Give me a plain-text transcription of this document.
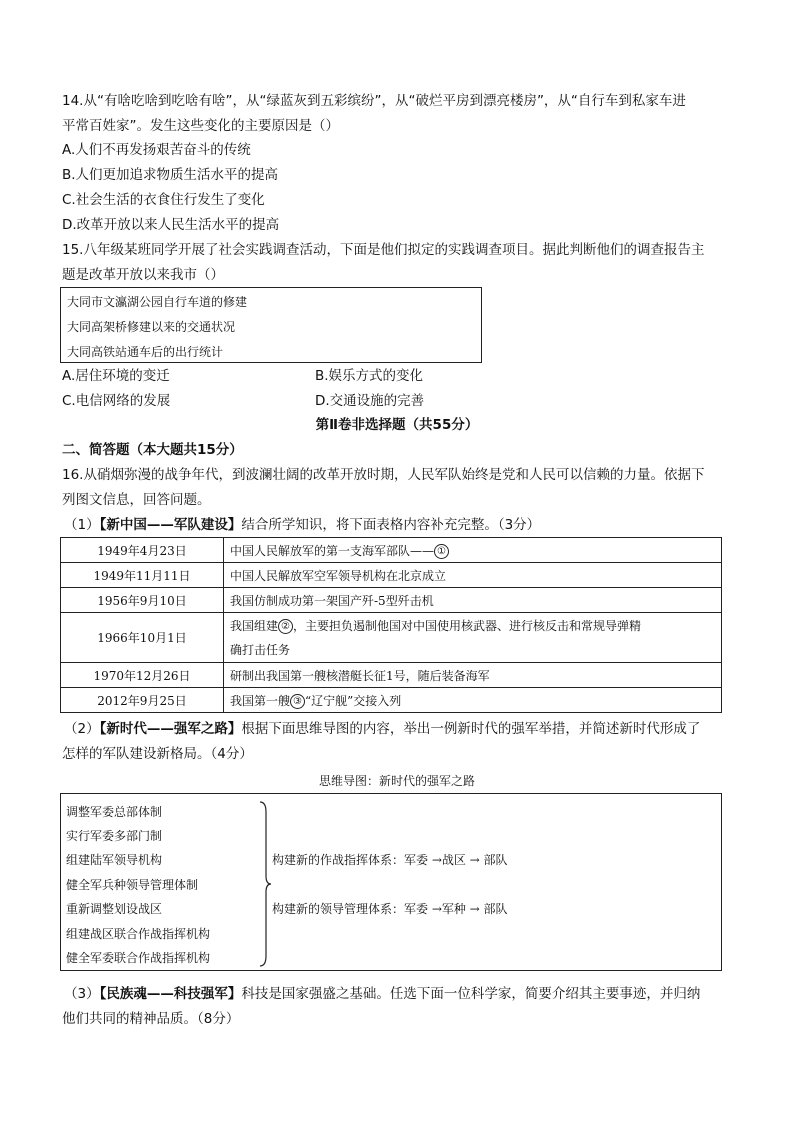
14.从“有啥吃啥到吃啥有啥”，从“绿蓝灰到五彩缤纷”，从“破烂平房到漂亮楼房”，从“自行车到私家车进
平常百姓家”。发生这些变化的主要原因是（）
A.人们不再发扬艰苦奋斗的传统
B.人们更加追求物质生活水平的提高
C.社会生活的衣食住行发生了变化
D.改革开放以来人民生活水平的提高
15.八年级某班同学开展了社会实践调查活动，下面是他们拟定的实践调查项目。据此判断他们的调查报告主
题是改革开放以来我市（）
大同市文瀛湖公园自行车道的修建
大同高架桥修建以来的交通状况
大同高铁站通车后的出行统计
A.居住环境的变迁	B.娱乐方式的变化
C.电信网络的发展	D.交通设施的完善
第Ⅱ卷非选择题（共55分）
二、简答题（本大题共15分）
16.从硝烟弥漫的战争年代，到波澜壮阔的改革开放时期，人民军队始终是党和人民可以信赖的力量。依据下
列图文信息，回答问题。
（1）【新中国——军队建设】结合所学知识，将下面表格内容补充完整。（3分）
1949年4月23日	中国人民解放军的第一支海军部队—— ①
1949年11月11日	中国人民解放军空军领导机构在北京成立
1956年9月10日	我国仿制成功第一架国产歼-5型歼击机
1966年10月1日	我国组建 ② ，主要担负遏制他国对中国使用核武器、进行核反击和常规导弹精
确打击任务
1970年12月26日	研制出我国第一艘核潜艇长征1号，随后装备海军
2012年9月25日	我国第一艘 ③ “辽宁舰”交接入列
（2）【新时代——强军之路】根据下面思维导图的内容，举出一例新时代的强军举措，并简述新时代形成了
怎样的军队建设新格局。（4分）
思维导图：新时代的强军之路
调整军委总部体制
实行军委多部门制
组建陆军领导机构
健全军兵种领导管理体制
重新调整划设战区
组建战区联合作战指挥机构
健全军委联合作战指挥机构
构建新的作战指挥体系：军委 →战区 → 部队
构建新的领导管理体系：军委 →军种 → 部队
（3）【民族魂——科技强军】科技是国家强盛之基础。任选下面一位科学家，简要介绍其主要事迹，并归纳
他们共同的精神品质。（8分）
